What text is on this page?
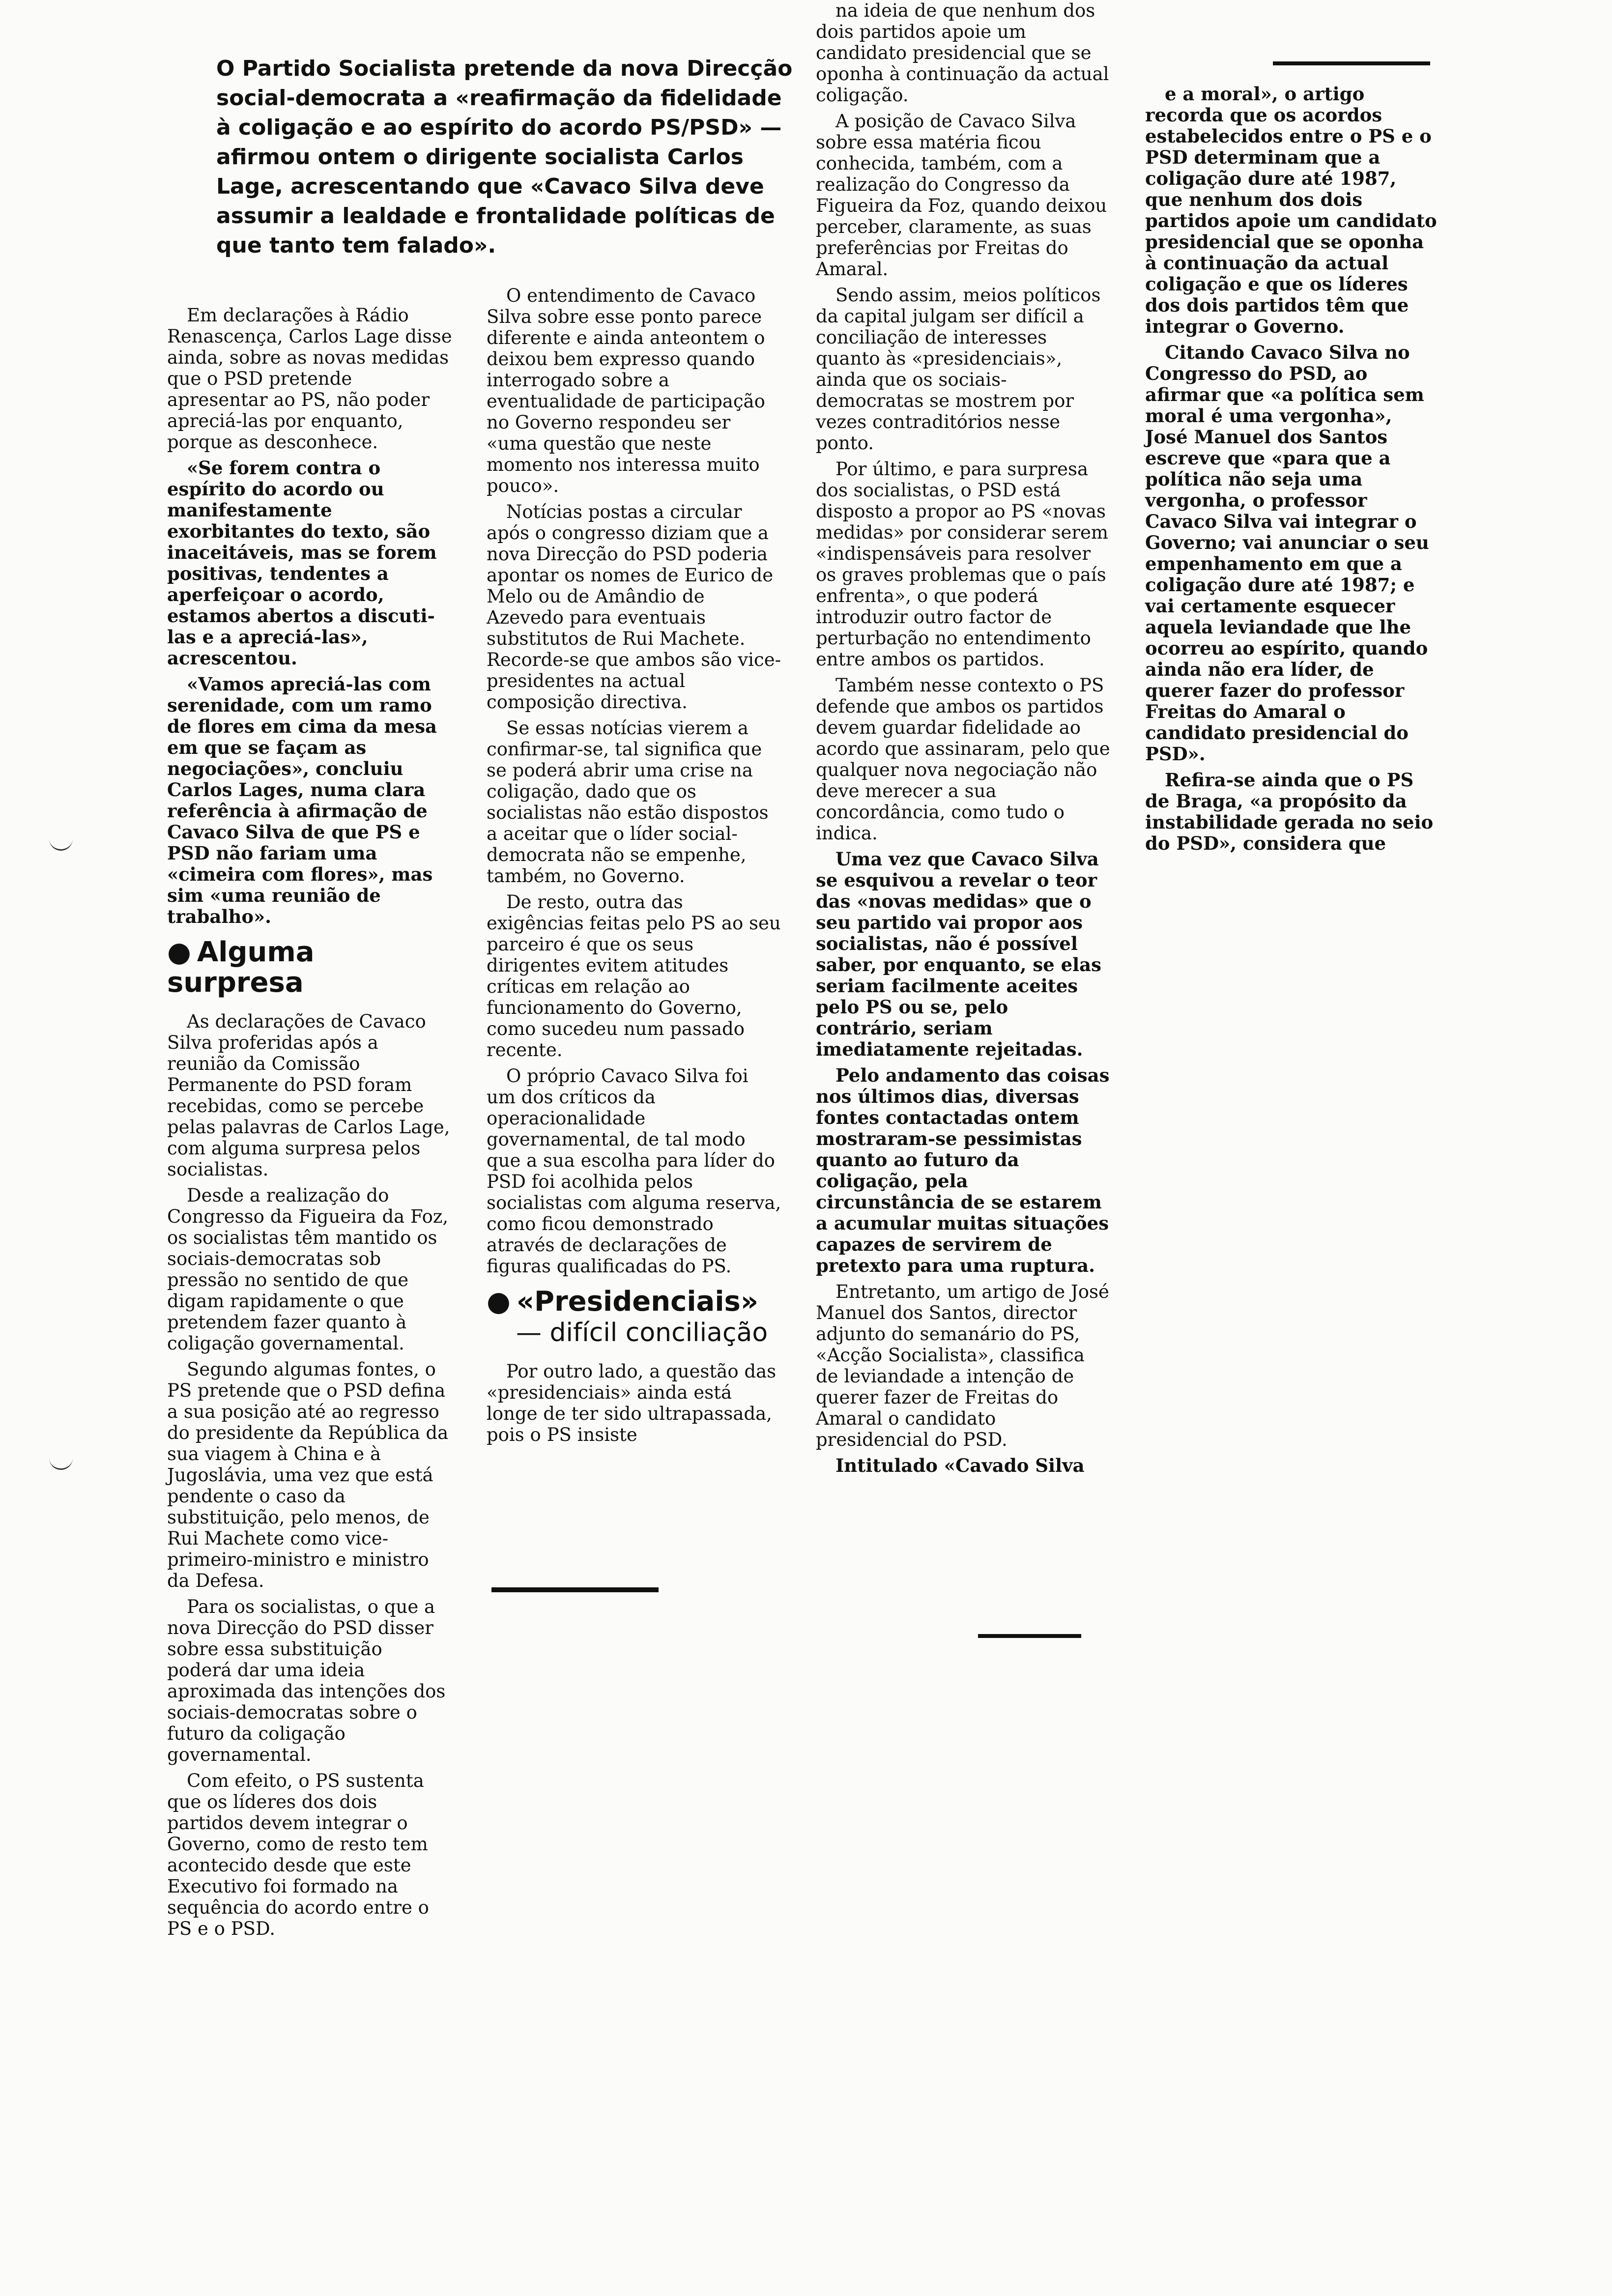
O Partido Socialista pretende da nova Direcção social-democrata a «reafirmação da fidelidade à coligação e ao espírito do acordo PS/PSD» — afirmou ontem o dirigente socialista Carlos Lage, acrescentando que «Cavaco Silva deve assumir a lealdade e frontalidade políticas de que tanto tem falado».

Em declarações à Rádio Renascença, Carlos Lage disse ainda, sobre as novas medidas que o PSD pretende apresentar ao PS, não poder apreciá-las por enquanto, porque as desconhece.

«Se forem contra o espírito do acordo ou manifestamente exorbitantes do texto, são inaceitáveis, mas se forem positivas, tendentes a aperfeiçoar o acordo, estamos abertos a discuti-las e a apreciá-las», acrescentou.

«Vamos apreciá-las com serenidade, com um ramo de flores em cima da mesa em que se façam as negociações», concluiu Carlos Lages, numa clara referência à afirmação de Cavaco Silva de que PS e PSD não fariam uma «cimeira com flores», mas sim «uma reunião de trabalho».

● Alguma surpresa

As declarações de Cavaco Silva proferidas após a reunião da Comissão Permanente do PSD foram recebidas, como se percebe pelas palavras de Carlos Lage, com alguma surpresa pelos socialistas.

Desde a realização do Congresso da Figueira da Foz, os socialistas têm mantido os sociais-democratas sob pressão no sentido de que digam rapidamente o que pretendem fazer quanto à coligação governamental.

Segundo algumas fontes, o PS pretende que o PSD defina a sua posição até ao regresso do presidente da República da sua viagem à China e à Jugoslávia, uma vez que está pendente o caso da substituição, pelo menos, de Rui Machete como vice-primeiro-ministro e ministro da Defesa.

Para os socialistas, o que a nova Direcção do PSD disser sobre essa substituição poderá dar uma ideia aproximada das intenções dos sociais-democratas sobre o futuro da coligação governamental.

Com efeito, o PS sustenta que os líderes dos dois partidos devem integrar o Governo, como de resto tem acontecido desde que este Executivo foi formado na sequência do acordo entre o PS e o PSD.

O entendimento de Cavaco Silva sobre esse ponto parece diferente e ainda anteontem o deixou bem expresso quando interrogado sobre a eventualidade de participação no Governo respondeu ser «uma questão que neste momento nos interessa muito pouco».

Notícias postas a circular após o congresso diziam que a nova Direcção do PSD poderia apontar os nomes de Eurico de Melo ou de Amândio de Azevedo para eventuais substitutos de Rui Machete. Recorde-se que ambos são vice-presidentes na actual composição directiva.

Se essas notícias vierem a confirmar-se, tal significa que se poderá abrir uma crise na coligação, dado que os socialistas não estão dispostos a aceitar que o líder social-democrata não se empenhe, também, no Governo.

De resto, outra das exigências feitas pelo PS ao seu parceiro é que os seus dirigentes evitem atitudes críticas em relação ao funcionamento do Governo, como sucedeu num passado recente.

O próprio Cavaco Silva foi um dos críticos da operacionalidade governamental, de tal modo que a sua escolha para líder do PSD foi acolhida pelos socialistas com alguma reserva, como ficou demonstrado através de declarações de figuras qualificadas do PS.

● «Presidenciais»
— difícil conciliação

Por outro lado, a questão das «presidenciais» ainda está longe de ter sido ultrapassada, pois o PS insiste

na ideia de que nenhum dos dois partidos apoie um candidato presidencial que se oponha à continuação da actual coligação.

A posição de Cavaco Silva sobre essa matéria ficou conhecida, também, com a realização do Congresso da Figueira da Foz, quando deixou perceber, claramente, as suas preferências por Freitas do Amaral.

Sendo assim, meios políticos da capital julgam ser difícil a conciliação de interesses quanto às «presidenciais», ainda que os sociais-democratas se mostrem por vezes contraditórios nesse ponto.

Por último, e para surpresa dos socialistas, o PSD está disposto a propor ao PS «novas medidas» por considerar serem «indispensáveis para resolver os graves problemas que o país enfrenta», o que poderá introduzir outro factor de perturbação no entendimento entre ambos os partidos.

Também nesse contexto o PS defende que ambos os partidos devem guardar fidelidade ao acordo que assinaram, pelo que qualquer nova negociação não deve merecer a sua concordância, como tudo o indica.

Uma vez que Cavaco Silva se esquivou a revelar o teor das «novas medidas» que o seu partido vai propor aos socialistas, não é possível saber, por enquanto, se elas seriam facilmente aceites pelo PS ou se, pelo contrário, seriam imediatamente rejeitadas.

Pelo andamento das coisas nos últimos dias, diversas fontes contactadas ontem mostraram-se pessimistas quanto ao futuro da coligação, pela circunstância de se estarem a acumular muitas situações capazes de servirem de pretexto para uma ruptura.

Entretanto, um artigo de José Manuel dos Santos, director adjunto do semanário do PS, «Acção Socialista», classifica de leviandade a intenção de querer fazer de Freitas do Amaral o candidato presidencial do PSD.

Intitulado «Cavado Silva

e a moral», o artigo recorda que os acordos estabelecidos entre o PS e o PSD determinam que a coligação dure até 1987, que nenhum dos dois partidos apoie um candidato presidencial que se oponha à continuação da actual coligação e que os líderes dos dois partidos têm que integrar o Governo.

Citando Cavaco Silva no Congresso do PSD, ao afirmar que «a política sem moral é uma vergonha», José Manuel dos Santos escreve que «para que a política não seja uma vergonha, o professor Cavaco Silva vai integrar o Governo; vai anunciar o seu empenhamento em que a coligação dure até 1987; e vai certamente esquecer aquela leviandade que lhe ocorreu ao espírito, quando ainda não era líder, de querer fazer do professor Freitas do Amaral o candidato presidencial do PSD».

Refira-se ainda que o PS de Braga, «a propósito da instabilidade gerada no seio do PSD», considera que
